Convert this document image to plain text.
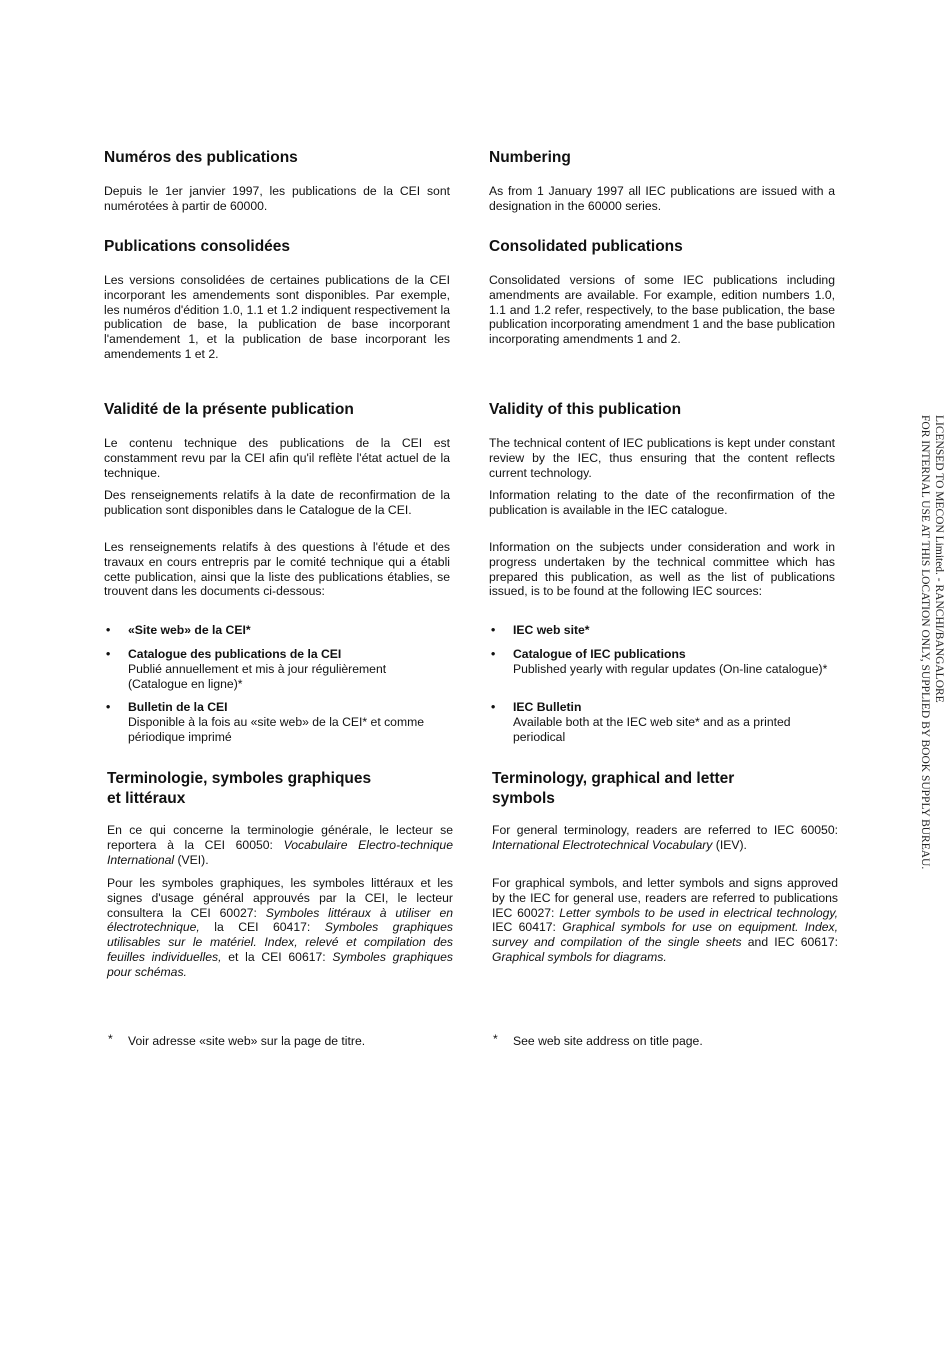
Numéros des publications

Depuis le 1er janvier 1997, les publications de la CEI sont numérotées à partir de 60000.

Publications consolidées

Les versions consolidées de certaines publications de la CEI incorporant les amendements sont disponibles. Par exemple, les numéros d'édition 1.0, 1.1 et 1.2 indiquent respectivement la publication de base, la publication de base incorporant l'amendement 1, et la publication de base incorporant les amendements 1 et 2.

Validité de la présente publication

Le contenu technique des publications de la CEI est constamment revu par la CEI afin qu'il reflète l'état actuel de la technique.

Des renseignements relatifs à la date de reconfirmation de la publication sont disponibles dans le Catalogue de la CEI.

Les renseignements relatifs à des questions à l'étude et des travaux en cours entrepris par le comité technique qui a établi cette publication, ainsi que la liste des publications établies, se trouvent dans les documents ci-dessous:

• «Site web» de la CEI*
• Catalogue des publications de la CEI
Publié annuellement et mis à jour régulièrement (Catalogue en ligne)*
• Bulletin de la CEI
Disponible à la fois au «site web» de la CEI* et comme périodique imprimé
Terminologie, symboles graphiques
et littéraux

En ce qui concerne la terminologie générale, le lecteur se reportera à la CEI 60050: Vocabulaire Electro-technique International (VEI).

Pour les symboles graphiques, les symboles littéraux et les signes d'usage général approuvés par la CEI, le lecteur consultera la CEI 60027: Symboles littéraux à utiliser en électrotechnique, la CEI 60417: Symboles graphiques utilisables sur le matériel. Index, relevé et compilation des feuilles individuelles, et la CEI 60617: Symboles graphiques pour schémas.

Numbering

As from 1 January 1997 all IEC publications are issued with a designation in the 60000 series.

Consolidated publications

Consolidated versions of some IEC publications including amendments are available. For example, edition numbers 1.0, 1.1 and 1.2 refer, respectively, to the base publication, the base publication incorporating amendment 1 and the base publication incorporating amendments 1 and 2.

Validity of this publication

The technical content of IEC publications is kept under constant review by the IEC, thus ensuring that the content reflects current technology.

Information relating to the date of the reconfirmation of the publication is available in the IEC catalogue.

Information on the subjects under consideration and work in progress undertaken by the technical committee which has prepared this publication, as well as the list of publications issued, is to be found at the following IEC sources:

• IEC web site*
• Catalogue of IEC publications
Published yearly with regular updates (On-line catalogue)*
• IEC Bulletin
Available both at the IEC web site* and as a printed periodical
Terminology, graphical and letter
symbols

For general terminology, readers are referred to IEC 60050: International Electrotechnical Vocabulary (IEV).

For graphical symbols, and letter symbols and signs approved by the IEC for general use, readers are referred to publications IEC 60027: Letter symbols to be used in electrical technology, IEC 60417: Graphical symbols for use on equipment. Index, survey and compilation of the single sheets and IEC 60617: Graphical symbols for diagrams.

* Voir adresse «site web» sur la page de titre.	* See web site address on title page.
LICENSED TO MECON Limited. - RANCHI/BANGALORE
FOR INTERNAL USE AT THIS LOCATION ONLY, SUPPLIED BY BOOK SUPPLY BUREAU.
